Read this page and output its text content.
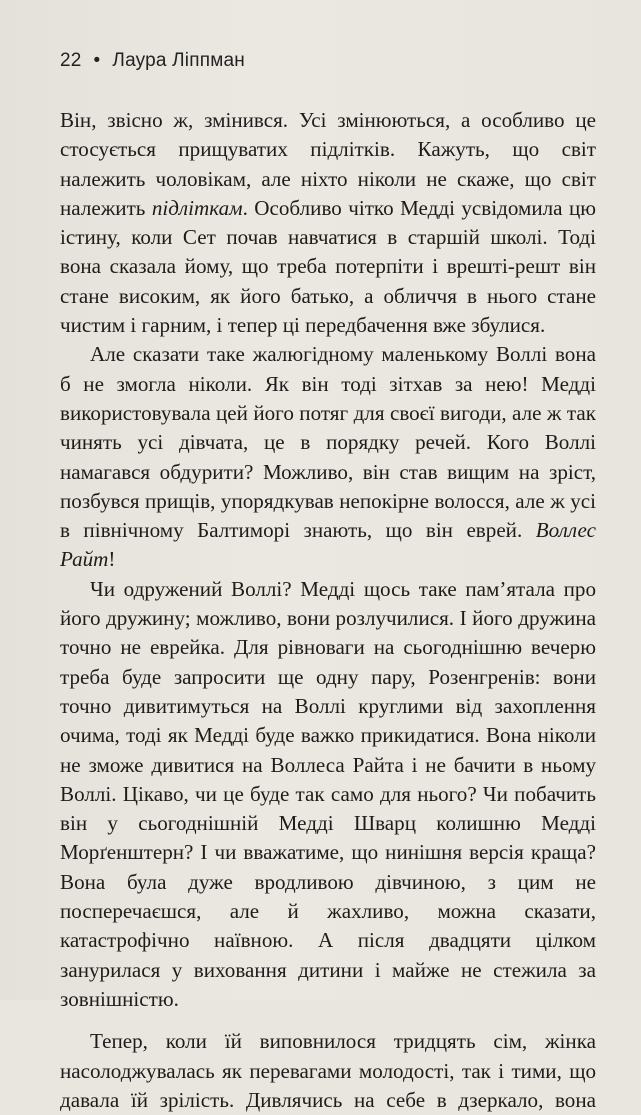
22 • Лаура Ліппман

Він, звісно ж, змінився. Усі змінюються, а особливо це стосується прищуватих підлітків. Кажуть, що світ належить чоловікам, але ніхто ніколи не скаже, що світ належить підліткам. Особливо чітко Медді усвідомила цю істину, коли Сет почав навчатися в старшій школі. Тоді вона сказала йому, що треба потерпіти і врешті-решт він стане високим, як його батько, а обличчя в нього стане чистим і гарним, і тепер ці передбачення вже збулися.

Але сказати таке жалюгідному маленькому Воллі вона б не змогла ніколи. Як він тоді зітхав за нею! Медді використовувала цей його потяг для своєї вигоди, але ж так чинять усі дівчата, це в порядку речей. Кого Воллі намагався обдурити? Можливо, він став вищим на зріст, позбувся прищів, упорядкував непокірне волосся, але ж усі в північному Балтиморі знають, що він еврей. Воллес Райт!

Чи одружений Воллі? Медді щось таке пам’ятала про його дружину; можливо, вони розлучилися. І його дружина точно не еврейка. Для рівноваги на сьогоднішню вечерю треба буде запросити ще одну пару, Розенгренів: вони точно дивитимуться на Воллі круглими від захоплення очима, тоді як Медді буде важко прикидатися. Вона ніколи не зможе дивитися на Воллеса Райта і не бачити в ньому Воллі. Цікаво, чи це буде так само для нього? Чи побачить він у сьогоднішній Медді Шварц колишню Медді Морґенштерн? І чи вважатиме, що нинішня версія краща? Вона була дуже вродливою дівчиною, з цим не посперечаєшся, але й жахливо, можна сказати, катастрофічно наївною. А після двадцяти цілком занурилася у виховання дитини і майже не стежила за зовнішністю.

Тепер, коли їй виповнилося тридцять сім, жінка насолоджувалась як перевагами молодості, так і тими, що давала їй зрілість. Дивлячись на себе в дзеркало, вона
